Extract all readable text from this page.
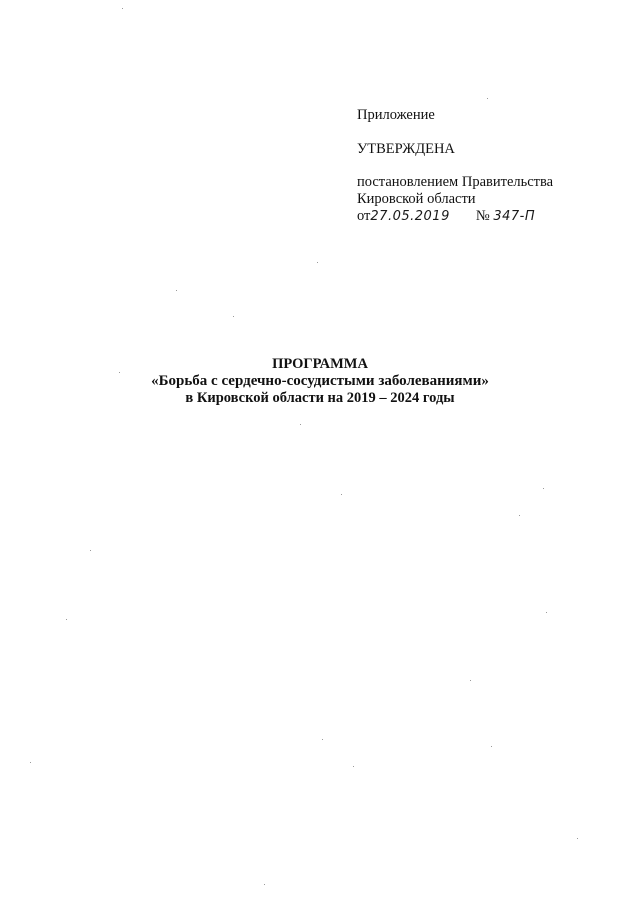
Приложение
УТВЕРЖДЕНА
постановлением Правительства
Кировской области
от27.05.2019 № 347-П
ПРОГРАММА
«Борьба с сердечно-сосудистыми заболеваниями»
в Кировской области на 2019 – 2024 годы
